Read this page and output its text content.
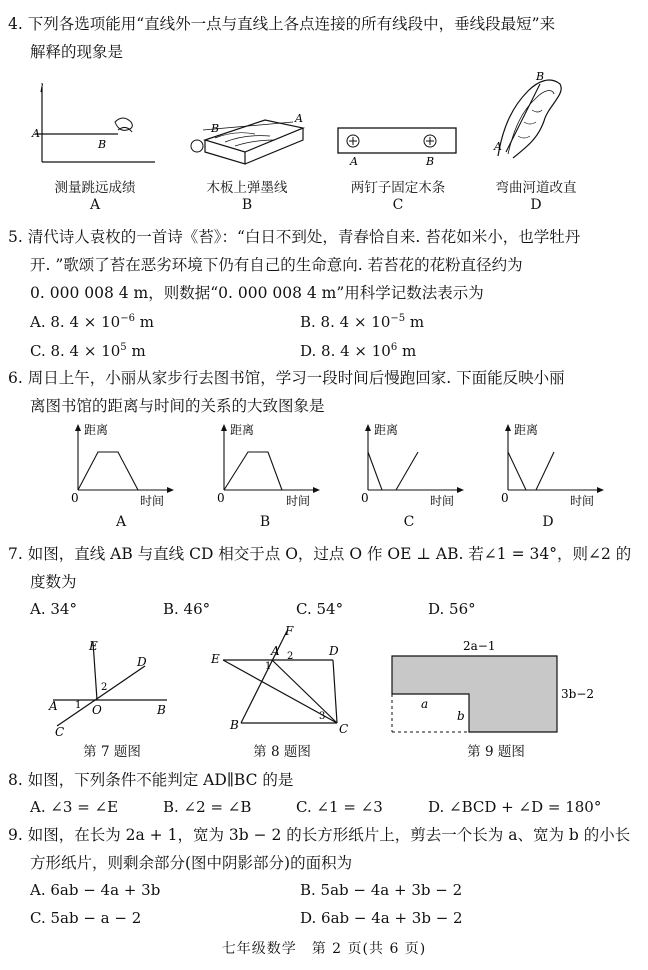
4. 下列各选项能用“直线外一点与直线上各点连接的所有线段中，垂线段最短”来
解释的现象是
l
A
B
B
A
A	B
B
A
测量跳远成绩	木板上弹墨线	两钉子固定木条	弯曲河道改直
A	B	C	D
5. 清代诗人袁枚的一首诗《苔》：“白日不到处，青春恰自来. 苔花如米小，也学牡丹
开. ”歌颂了苔在恶劣环境下仍有自己的生命意向. 若苔花的花粉直径约为
0. 000 008 4 m，则数据“0. 000 008 4 m”用科学记数法表示为
A. 8. $4 \times 10^{-6}$ m	B. 8. $4 \times 10^{-5}$ m
C. 8. $4 \times 10^5$ m	D. 8. $4 \times 10^6$ m
6. 周日上午，小丽从家步行去图书馆，学习一段时间后慢跑回家. 下面能反映小丽
离图书馆的距离与时间的关系的大致图象是
距离
时间
0
距离
时间
0
距离
时间
0
距离
时间
0
A	B	C	D
7. 如图，直线 AB 与直线 CD 相交于点 O，过点 O 作 OE ⊥ AB. 若∠1 = 34°，则∠2 的
度数为
A. 34°	B. 46°	C. 54°	D. 56°
E
D
A	O	B
C
1
2
第 7 题图
F
E
A	D
B	C
1
2
3
第 8 题图
2a−1
3b−2
a
b
第 9 题图
8. 如图，下列条件不能判定 AD∥BC 的是
A. ∠3 = ∠E	B. ∠2 = ∠B	C. ∠1 = ∠3	D. ∠BCD + ∠D = 180°
9. 如图，在长为 2a + 1，宽为 3b − 2 的长方形纸片上，剪去一个长为 a、宽为 b 的小长
方形纸片，则剩余部分(图中阴影部分)的面积为
A. 6ab − 4a + 3b	B. 5ab − 4a + 3b − 2
C. 5ab − a − 2	D. 6ab − 4a + 3b − 2
七年级数学　第 2 页(共 6 页)
